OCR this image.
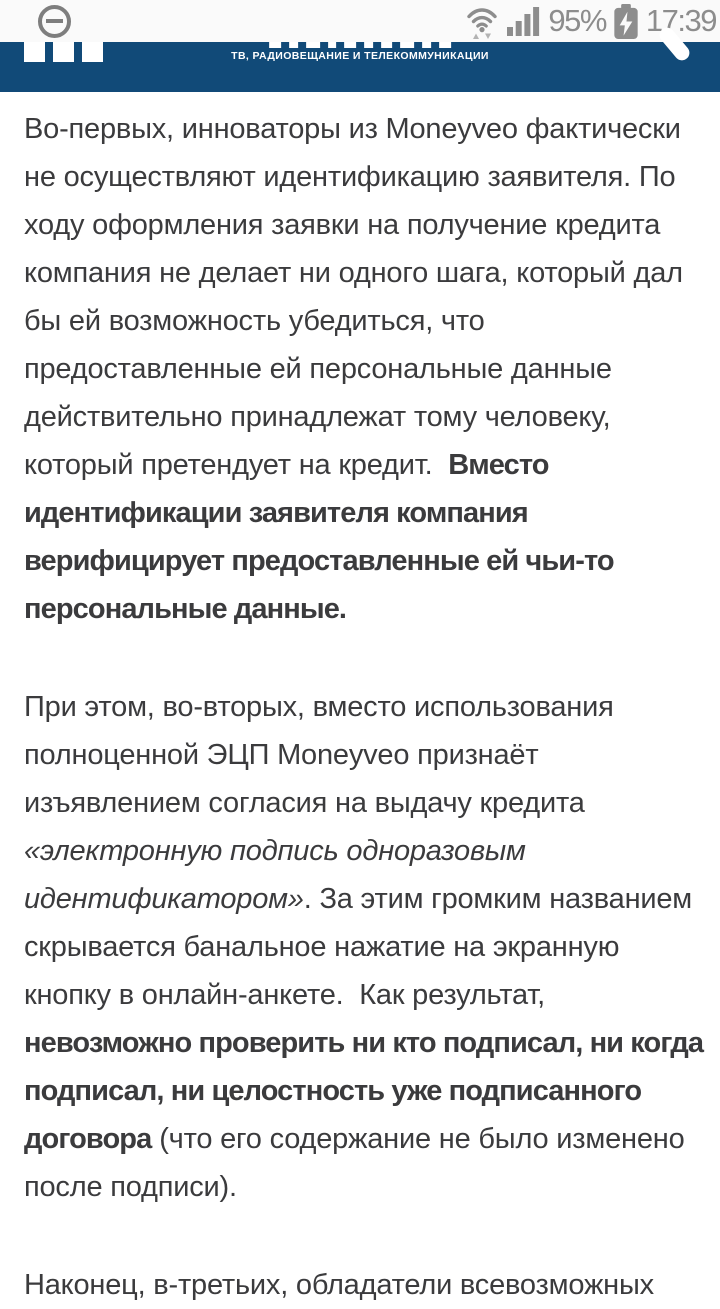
95% 17:39
ТВ, РАДИОВЕЩАНИЕ И ТЕЛЕКОММУНИКАЦИИ
Во-первых, инноваторы из Moneyveo фактически
не осуществляют идентификацию заявителя. По
ходу оформления заявки на получение кредита
компания не делает ни одного шага, который дал
бы ей возможность убедиться, что
предоставленные ей персональные данные
действительно принадлежат тому человеку,
который претендует на кредит.  Вместо
идентификации заявителя компания
верифицирует предоставленные ей чьи-то
персональные данные.
При этом, во-вторых, вместо использования
полноценной ЭЦП Moneyveo признаёт
изъявлением согласия на выдачу кредита
«электронную подпись одноразовым
идентификатором». За этим громким названием
скрывается банальное нажатие на экранную
кнопку в онлайн-анкете.  Как результат,
невозможно проверить ни кто подписал, ни когда
подписал, ни целостность уже подписанного
договора (что его содержание не было изменено
после подписи).
Наконец, в-третьих, обладатели всевозможных
